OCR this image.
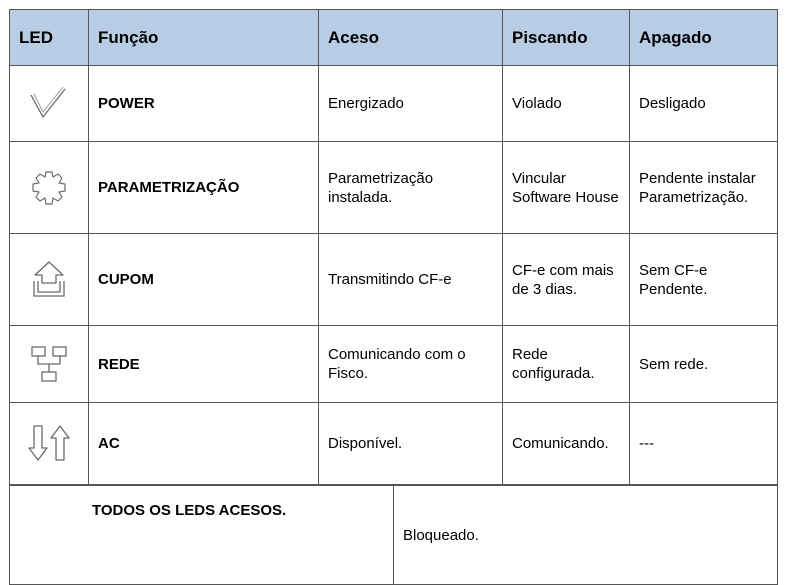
LED	Função	Aceso	Piscando	Apagado

	POWER	Energizado	Violado	Desligado

	PARAMETRIZAÇÃO	Parametrização instalada.	Vincular Software House	Pendente instalar Parametrização.

	CUPOM	Transmitindo CF-e	CF-e com mais de 3 dias.	Sem CF-e Pendente.

	REDE	Comunicando com o Fisco.	Rede configurada.	Sem rede.

	AC	Disponível.	Comunicando.	---
TODOS OS LEDS ACESOS.	Bloqueado.
